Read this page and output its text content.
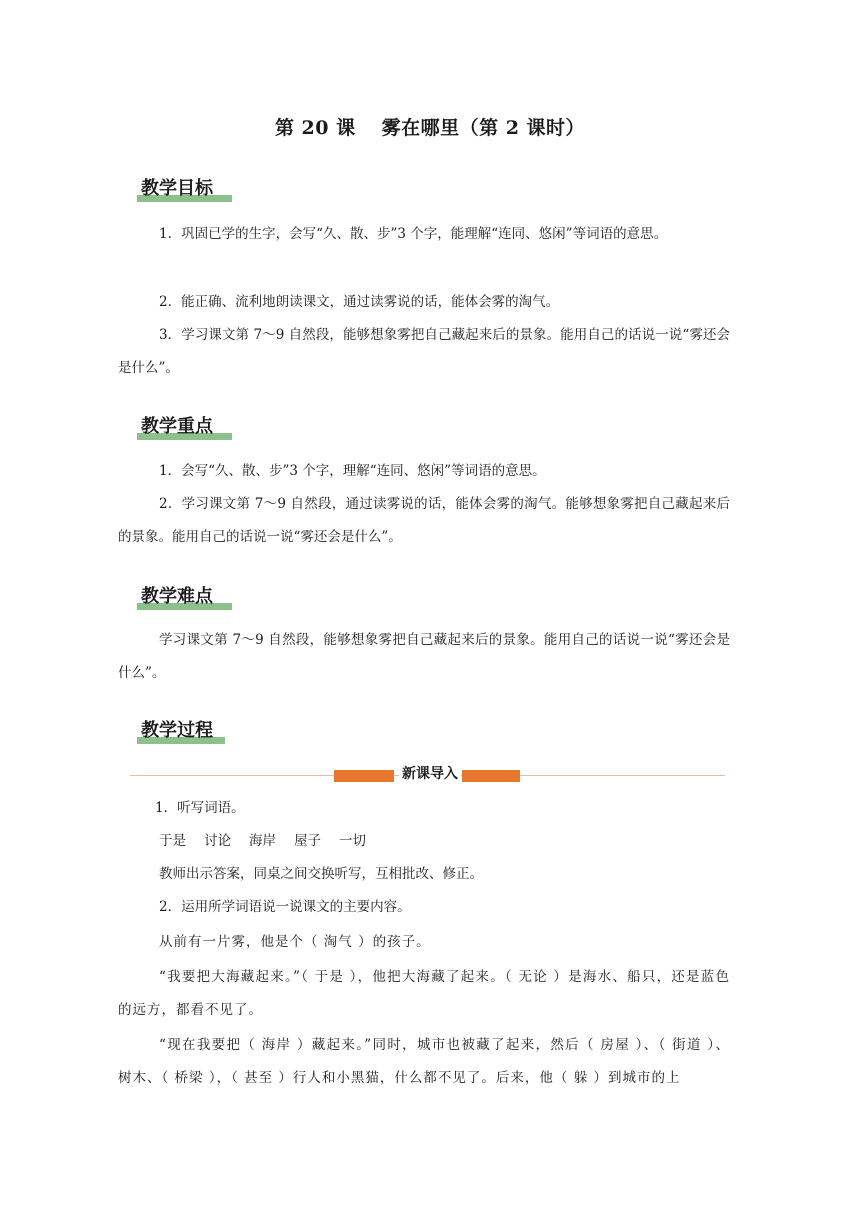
第 20 课 雾在哪里（第 2 课时）
教学目标

1．巩固已学的生字，会写“久、散、步”3 个字，能理解“连同、悠闲”等词语的意思。

2．能正确、流利地朗读课文，通过读雾说的话，能体会雾的淘气。

3．学习课文第 7～9 自然段，能够想象雾把自己藏起来后的景象。能用自己的话说一说“雾还会是什么”。

教学重点

1．会写“久、散、步”3 个字，理解“连同、悠闲”等词语的意思。

2．学习课文第 7～9 自然段，通过读雾说的话，能体会雾的淘气。能够想象雾把自己藏起来后的景象。能用自己的话说一说“雾还会是什么”。

教学难点

学习课文第 7～9 自然段，能够想象雾把自己藏起来后的景象。能用自己的话说一说“雾还会是什么”。

教学过程
新课导入

1．听写词语。

于是 讨论 海岸 屋子 一切

教师出示答案，同桌之间交换听写，互相批改、修正。

2．运用所学词语说一说课文的主要内容。

从前有一片雾，他是个（ 淘气 ）的孩子。

“我要把大海藏起来。”（ 于是 ），他把大海藏了起来。（ 无论 ）是海水、船只，还是蓝色的远方，都看不见了。

“现在我要把（ 海岸 ）藏起来。”同时，城市也被藏了起来，然后（ 房屋 ）、（ 街道 ）、树木、（ 桥梁 ），（ 甚至 ）行人和小黑猫，什么都不见了。后来，他（ 躲 ）到城市的上
